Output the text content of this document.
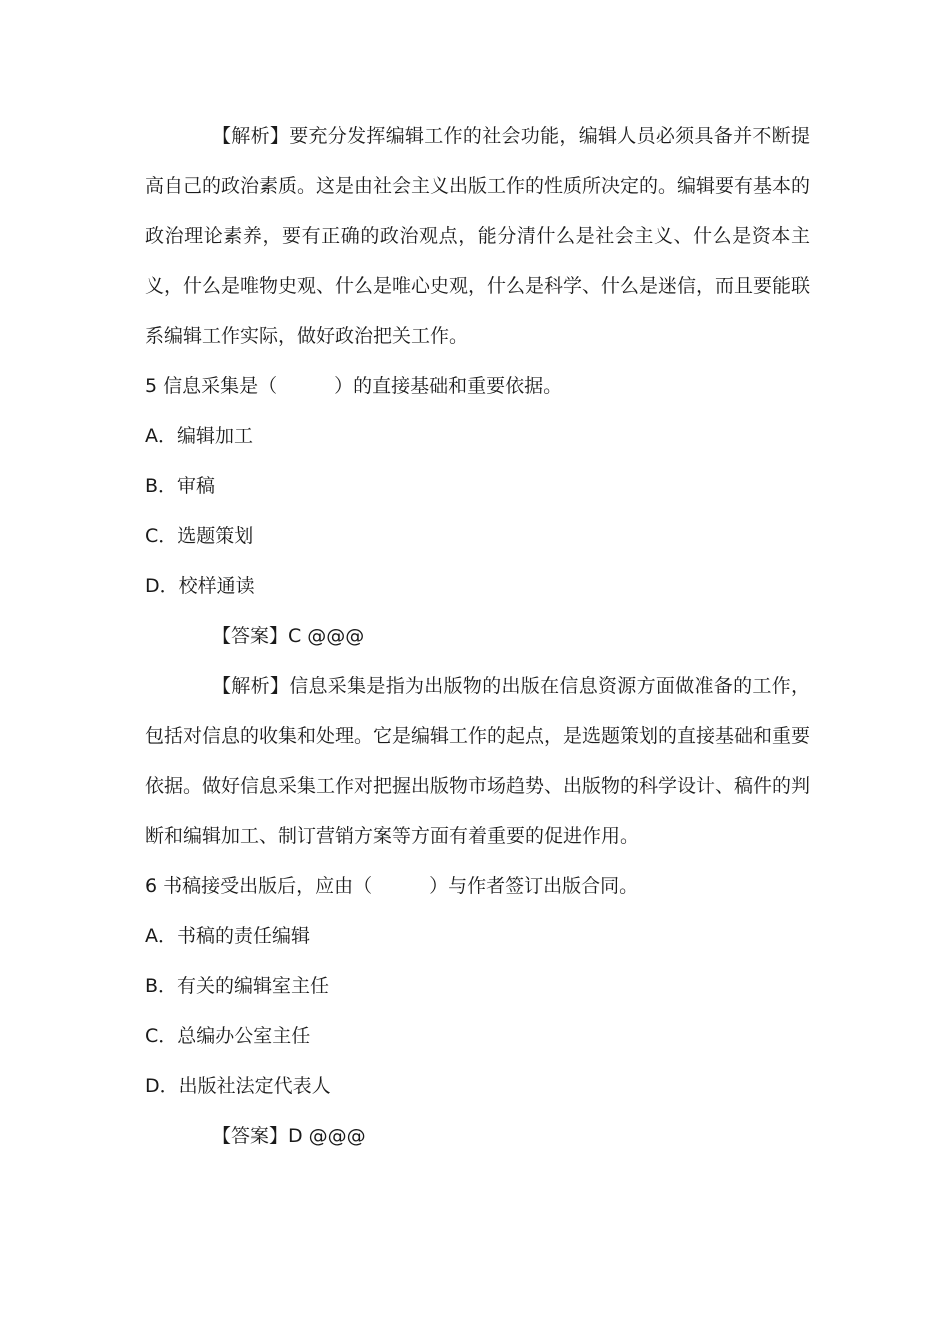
【解析】要充分发挥编辑工作的社会功能，编辑人员必须具备并不断提高自己的政治素质。这是由社会主义出版工作的性质所决定的。编辑要有基本的政治理论素养，要有正确的政治观点，能分清什么是社会主义、什么是资本主义，什么是唯物史观、什么是唯心史观，什么是科学、什么是迷信，而且要能联系编辑工作实际，做好政治把关工作。
5 信息采集是（　　　）的直接基础和重要依据。
A．编辑加工
B．审稿
C．选题策划
D．校样通读
【答案】C @@@
【解析】信息采集是指为出版物的出版在信息资源方面做准备的工作，包括对信息的收集和处理。它是编辑工作的起点，是选题策划的直接基础和重要依据。做好信息采集工作对把握出版物市场趋势、出版物的科学设计、稿件的判断和编辑加工、制订营销方案等方面有着重要的促进作用。
6 书稿接受出版后，应由（　　　）与作者签订出版合同。
A．书稿的责任编辑
B．有关的编辑室主任
C．总编办公室主任
D．出版社法定代表人
【答案】D @@@
